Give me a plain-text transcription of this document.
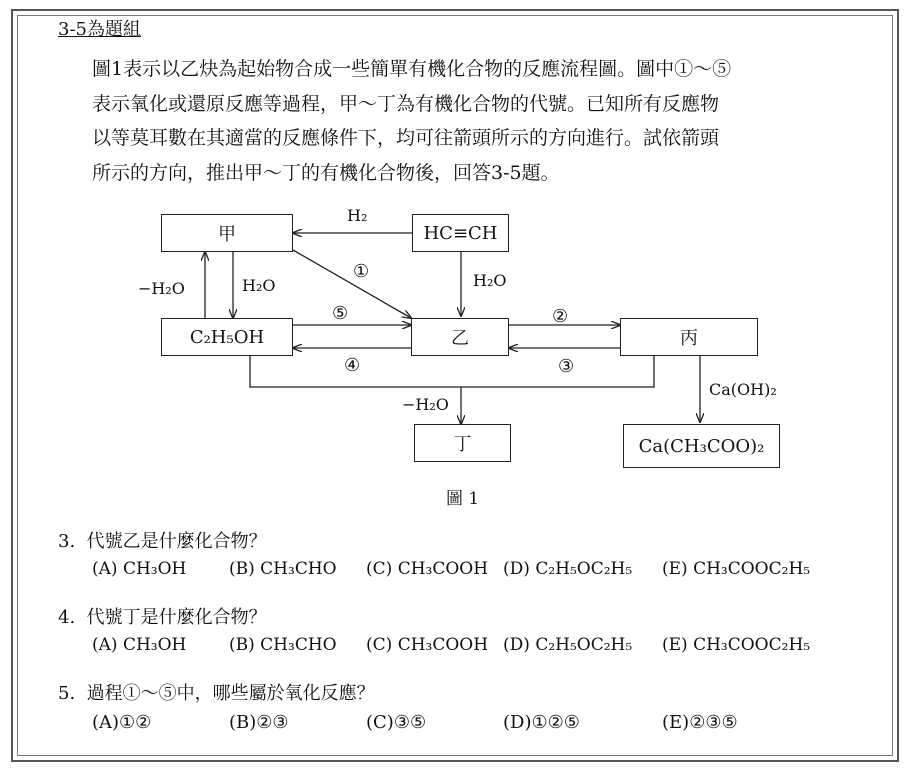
3-5為題組
圖1表示以乙炔為起始物合成一些簡單有機化合物的反應流程圖。圖中①～⑤
表示氧化或還原反應等過程，甲～丁為有機化合物的代號。已知所有反應物
以等莫耳數在其適當的反應條件下，均可往箭頭所示的方向進行。試依箭頭
所示的方向，推出甲～丁的有機化合物後，回答3-5題。
甲	HC≡CH
C₂H₅OH	乙	丙
丁	Ca(CH₃COO)₂
H₂
H₂O
−H₂O	H₂O
①
②
③
④
⑤
−H₂O
Ca(OH)₂
圖 1
3. 代號乙是什麼化合物？
(A) CH₃OH	(B) CH₃CHO (C) CH₃COOH (D) C₂H₅OC₂H₅ (E) CH₃COOC₂H₅
4. 代號丁是什麼化合物？
(A) CH₃OH	(B) CH₃CHO (C) CH₃COOH (D) C₂H₅OC₂H₅ (E) CH₃COOC₂H₅
5. 過程①～⑤中，哪些屬於氧化反應？
(A)①②	(B)②③	(C)③⑤	(D)①②⑤	(E)②③⑤
